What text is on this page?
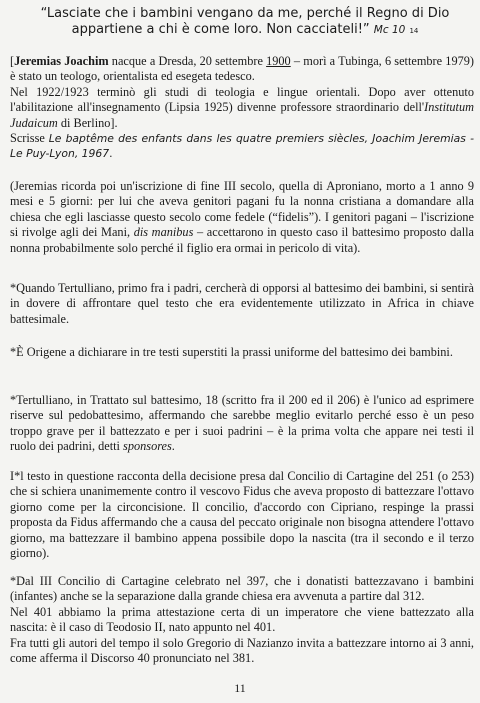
“Lasciate che i bambini vengano da me, perché il Regno di Dio
appartiene a chi è come loro. Non cacciateli!” Mc 10 14
[Jeremias Joachim nacque a Dresda, 20 settembre 1900 – morì a Tubinga, 6 settembre 1979) è stato un teologo, orientalista ed esegeta tedesco.
Nel 1922/1923 terminò gli studi di teologia e lingue orientali. Dopo aver ottenuto l'abilitazione all'insegnamento (Lipsia 1925) divenne professore straordinario dell'Institutum Judaicum di Berlino].
Scrisse Le baptême des enfants dans les quatre premiers siècles, Joachim Jeremias - Le Puy-Lyon, 1967.
(Jeremias ricorda poi un'iscrizione di fine III secolo, quella di Aproniano, morto a 1 anno 9 mesi e 5 giorni: per lui che aveva genitori pagani fu la nonna cristiana a domandare alla chiesa che egli lasciasse questo secolo come fedele (“fidelis”). I genitori pagani – l'iscrizione si rivolge agli dei Mani, dis manibus – accettarono in questo caso il battesimo proposto dalla nonna probabilmente solo perché il figlio era ormai in pericolo di vita).
*Quando Tertulliano, primo fra i padri, cercherà di opporsi al battesimo dei bambini, si sentirà in dovere di affrontare quel testo che era evidentemente utilizzato in Africa in chiave battesimale.
*È Origene a dichiarare in tre testi superstiti la prassi uniforme del battesimo dei bambini.
*Tertulliano, in Trattato sul battesimo, 18 (scritto fra il 200 ed il 206) è l'unico ad esprimere riserve sul pedobattesimo, affermando che sarebbe meglio evitarlo perché esso è un peso troppo grave per il battezzato e per i suoi padrini – è la prima volta che appare nei testi il ruolo dei padrini, detti sponsores.
I*l testo in questione racconta della decisione presa dal Concilio di Cartagine del 251 (o 253) che si schiera unanimemente contro il vescovo Fidus che aveva proposto di battezzare l'ottavo giorno come per la circoncisione. Il concilio, d'accordo con Cipriano, respinge la prassi proposta da Fidus affermando che a causa del peccato originale non bisogna attendere l'ottavo giorno, ma battezzare il bambino appena possibile dopo la nascita (tra il secondo e il terzo giorno).
*Dal III Concilio di Cartagine celebrato nel 397, che i donatisti battezzavano i bambini (infantes) anche se la separazione dalla grande chiesa era avvenuta a partire dal 312.
Nel 401 abbiamo la prima attestazione certa di un imperatore che viene battezzato alla nascita: è il caso di Teodosio II, nato appunto nel 401.
Fra tutti gli autori del tempo il solo Gregorio di Nazianzo invita a battezzare intorno ai 3 anni, come afferma il Discorso 40 pronunciato nel 381.
11
